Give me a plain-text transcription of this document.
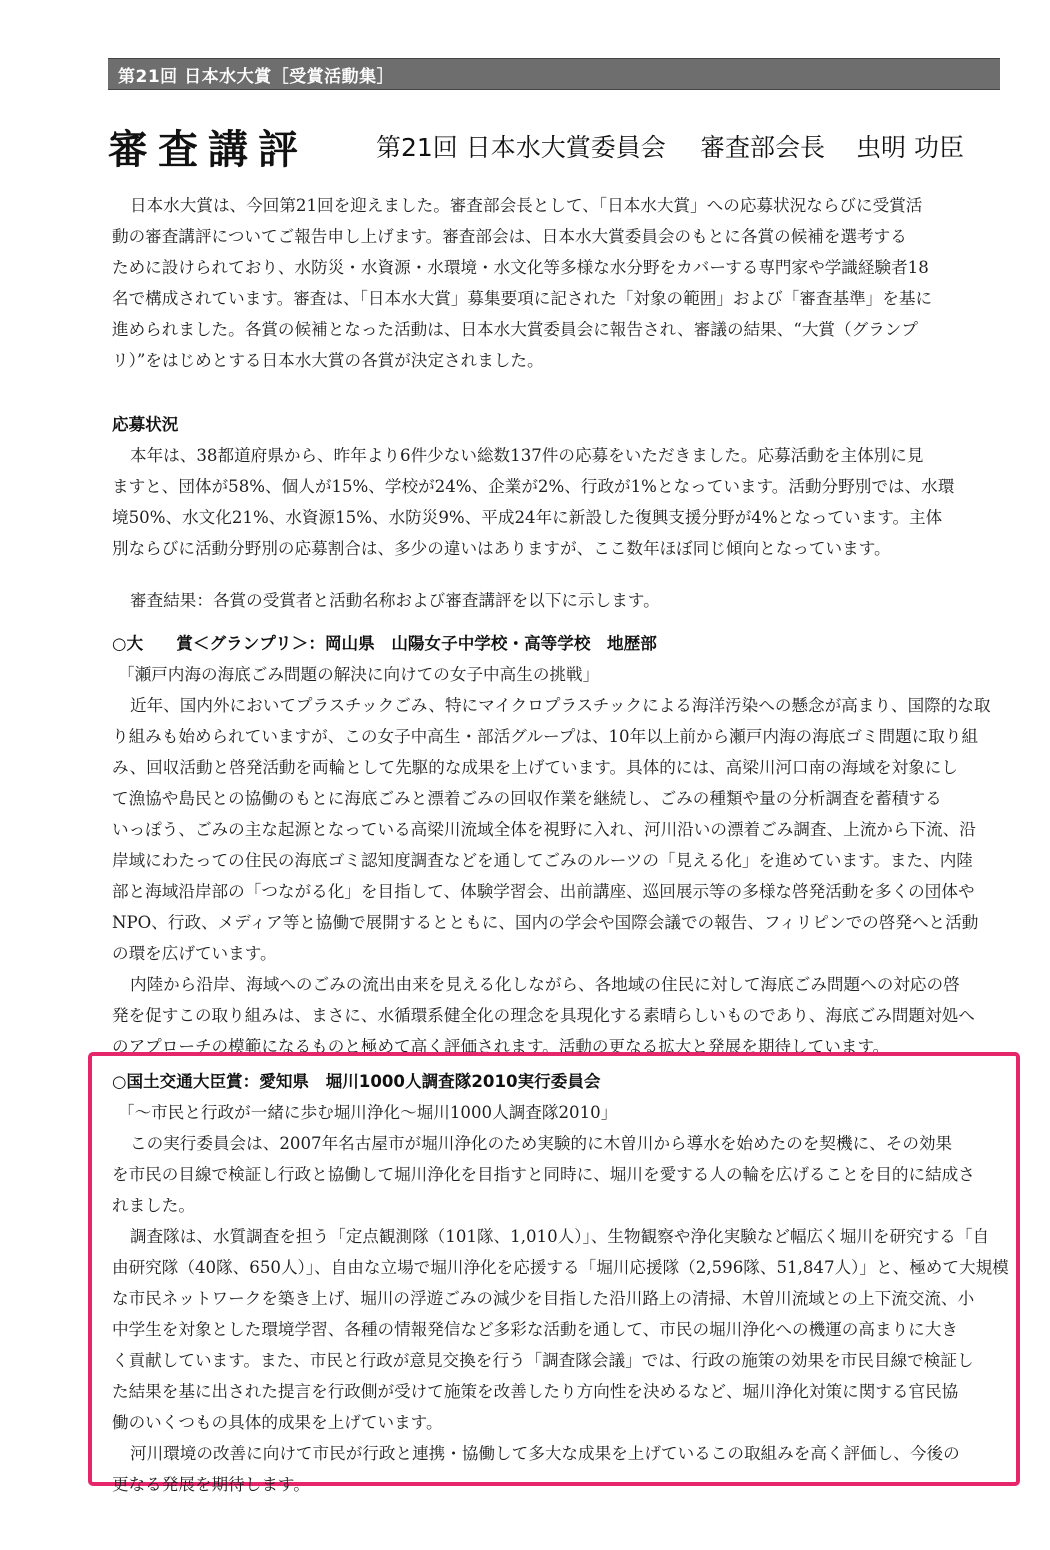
第21回 日本水大賞［受賞活動集］
審査講評	第21回 日本水大賞委員会 審査部会長 虫明 功臣
日本水大賞は、今回第21回を迎えました。審査部会長として、「日本水大賞」への応募状況ならびに受賞活
動の審査講評についてご報告申し上げます。審査部会は、日本水大賞委員会のもとに各賞の候補を選考する
ために設けられており、水防災・水資源・水環境・水文化等多様な水分野をカバーする専門家や学識経験者18
名で構成されています。審査は、「日本水大賞」募集要項に記された「対象の範囲」および「審査基準」を基に
進められました。各賞の候補となった活動は、日本水大賞委員会に報告され、審議の結果、“大賞（グランプ
リ）”をはじめとする日本水大賞の各賞が決定されました。
応募状況
本年は、38都道府県から、昨年より6件少ない総数137件の応募をいただきました。応募活動を主体別に見
ますと、団体が58%、個人が15%、学校が24%、企業が2%、行政が1%となっています。活動分野別では、水環
境50%、水文化21%、水資源15%、水防災9%、平成24年に新設した復興支援分野が4%となっています。主体
別ならびに活動分野別の応募割合は、多少の違いはありますが、ここ数年ほぼ同じ傾向となっています。
審査結果：各賞の受賞者と活動名称および審査講評を以下に示します。
○大　　賞＜グランプリ＞：岡山県　山陽女子中学校・高等学校　地歴部
「瀬戸内海の海底ごみ問題の解決に向けての女子中高生の挑戦」
近年、国内外においてプラスチックごみ、特にマイクロプラスチックによる海洋汚染への懸念が高まり、国際的な取
り組みも始められていますが、この女子中高生・部活グループは、10年以上前から瀬戸内海の海底ゴミ問題に取り組
み、回収活動と啓発活動を両輪として先駆的な成果を上げています。具体的には、高梁川河口南の海域を対象にし
て漁協や島民との協働のもとに海底ごみと漂着ごみの回収作業を継続し、ごみの種類や量の分析調査を蓄積する
いっぽう、ごみの主な起源となっている高梁川流域全体を視野に入れ、河川沿いの漂着ごみ調査、上流から下流、沿
岸域にわたっての住民の海底ゴミ認知度調査などを通してごみのルーツの「見える化」を進めています。また、内陸
部と海域沿岸部の「つながる化」を目指して、体験学習会、出前講座、巡回展示等の多様な啓発活動を多くの団体や
NPO、行政、メディア等と協働で展開するとともに、国内の学会や国際会議での報告、フィリピンでの啓発へと活動
の環を広げています。
内陸から沿岸、海域へのごみの流出由来を見える化しながら、各地域の住民に対して海底ごみ問題への対応の啓
発を促すこの取り組みは、まさに、水循環系健全化の理念を具現化する素晴らしいものであり、海底ごみ問題対処へ
のアプローチの模範になるものと極めて高く評価されます。活動の更なる拡大と発展を期待しています。
○国土交通大臣賞：愛知県　堀川1000人調査隊2010実行委員会
「～市民と行政が一緒に歩む堀川浄化～堀川1000人調査隊2010」
この実行委員会は、2007年名古屋市が堀川浄化のため実験的に木曽川から導水を始めたのを契機に、その効果
を市民の目線で検証し行政と協働して堀川浄化を目指すと同時に、堀川を愛する人の輪を広げることを目的に結成さ
れました。
調査隊は、水質調査を担う「定点観測隊（101隊、1,010人）」、生物観察や浄化実験など幅広く堀川を研究する「自
由研究隊（40隊、650人）」、自由な立場で堀川浄化を応援する「堀川応援隊（2,596隊、51,847人）」と、極めて大規模
な市民ネットワークを築き上げ、堀川の浮遊ごみの減少を目指した沿川路上の清掃、木曽川流域との上下流交流、小
中学生を対象とした環境学習、各種の情報発信など多彩な活動を通して、市民の堀川浄化への機運の高まりに大き
く貢献しています。また、市民と行政が意見交換を行う「調査隊会議」では、行政の施策の効果を市民目線で検証し
た結果を基に出された提言を行政側が受けて施策を改善したり方向性を決めるなど、堀川浄化対策に関する官民協
働のいくつもの具体的成果を上げています。
河川環境の改善に向けて市民が行政と連携・協働して多大な成果を上げているこの取組みを高く評価し、今後の
更なる発展を期待します。
